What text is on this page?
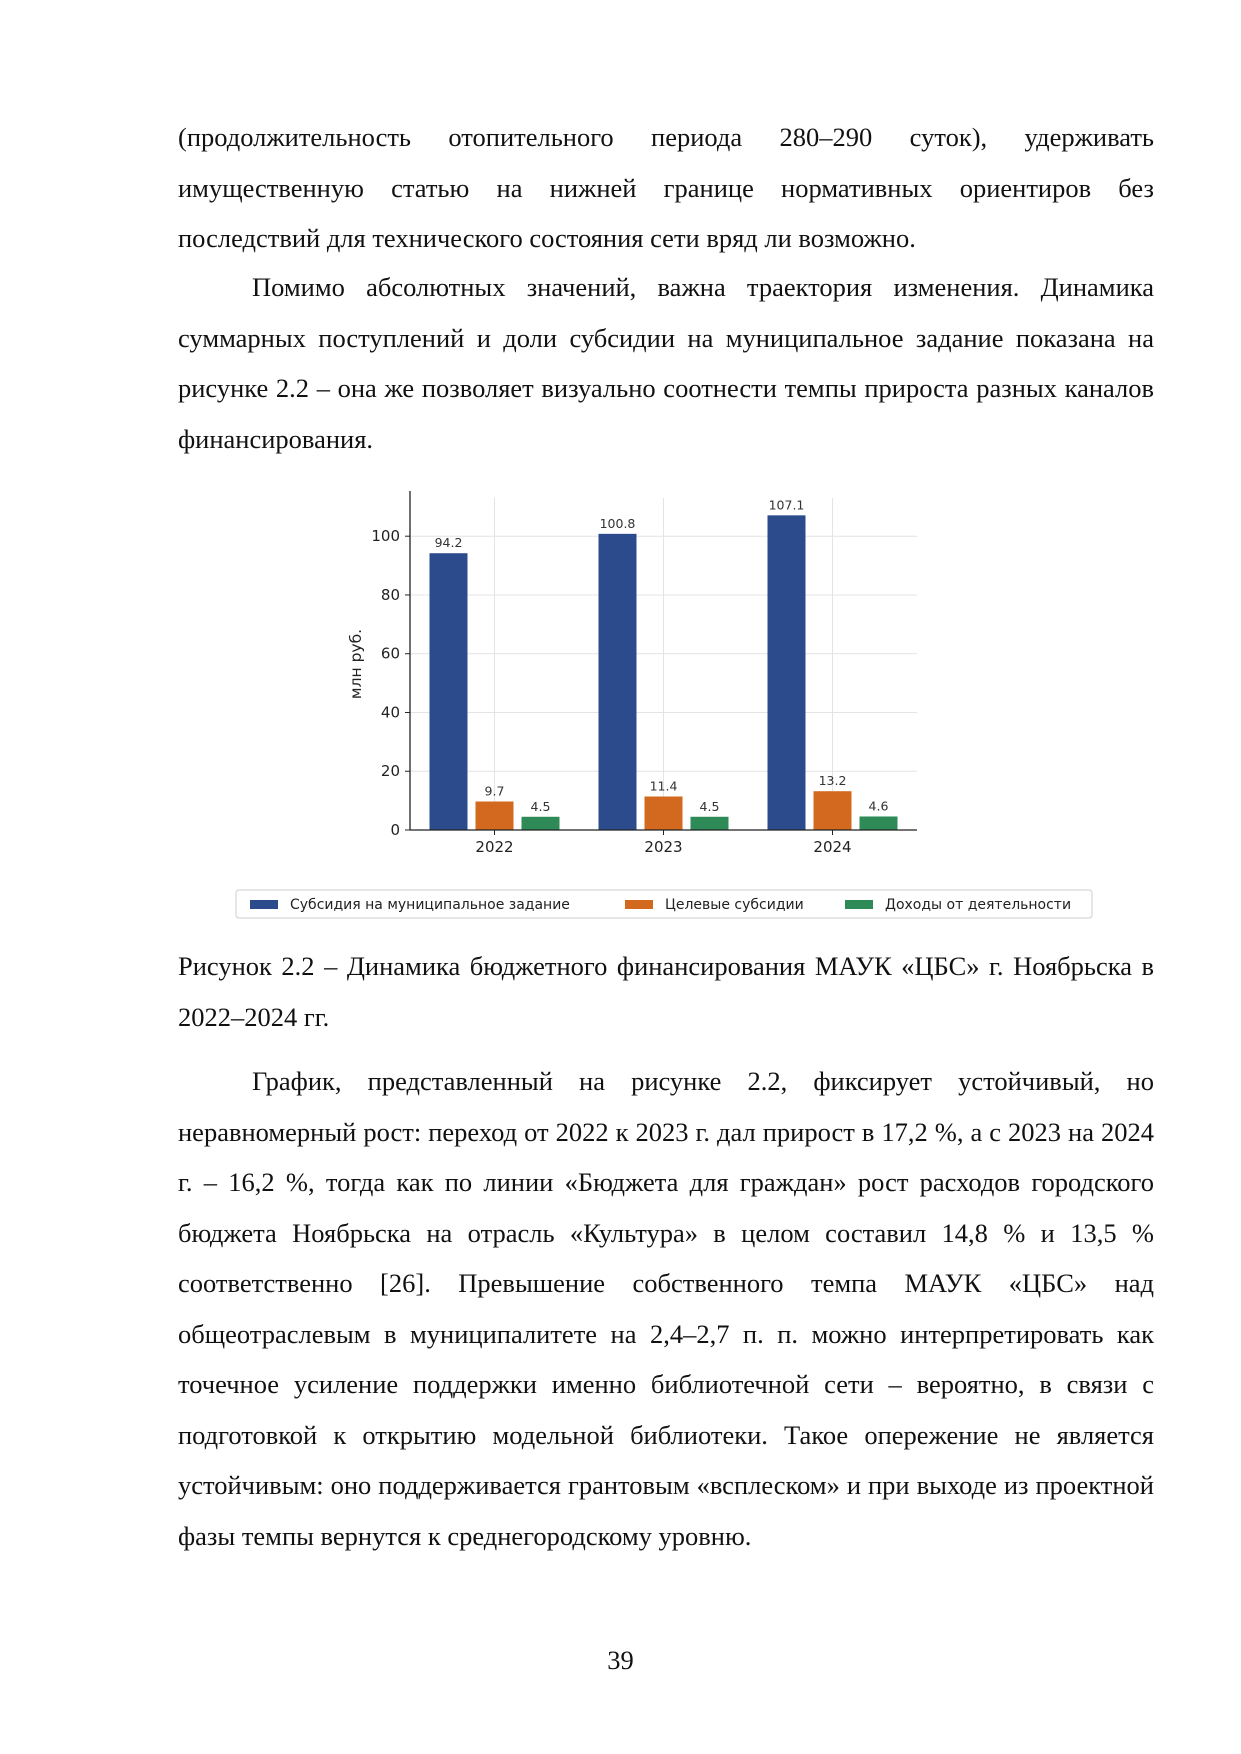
(продолжительность отопительного периода 280–290 суток), удерживать имущественную статью на нижней границе нормативных ориентиров без последствий для технического состояния сети вряд ли возможно.

Помимо абсолютных значений, важна траектория изменения. Динамика суммарных поступлений и доли субсидии на муниципальное задание показана на рисунке 2.2 – она же позволяет визуально соотнести темпы прироста разных каналов финансирования.

94.2
9.7
4.5
2022
100.8
11.4
4.5
2023
107.1
13.2
4.6
2024
0
20
40
60
80
100
млн руб.
Субсидия на муниципальное задание	Целевые субсидии	Доходы от деятельности

Рисунок 2.2 – Динамика бюджетного финансирования МАУК «ЦБС» г. Ноябрьска в 2022–2024 гг.

График, представленный на рисунке 2.2, фиксирует устойчивый, но неравномерный рост: переход от 2022 к 2023 г. дал прирост в 17,2 %, а с 2023 на 2024 г. – 16,2 %, тогда как по линии «Бюджета для граждан» рост расходов городского бюджета Ноябрьска на отрасль «Культура» в целом составил 14,8 % и 13,5 % соответственно [26]. Превышение собственного темпа МАУК «ЦБС» над общеотраслевым в муниципалитете на 2,4–2,7 п. п. можно интерпретировать как точечное усиление поддержки именно библиотечной сети – вероятно, в связи с подготовкой к открытию модельной библиотеки. Такое опережение не является устойчивым: оно поддерживается грантовым «всплеском» и при выходе из проектной фазы темпы вернутся к среднегородскому уровню.

39
